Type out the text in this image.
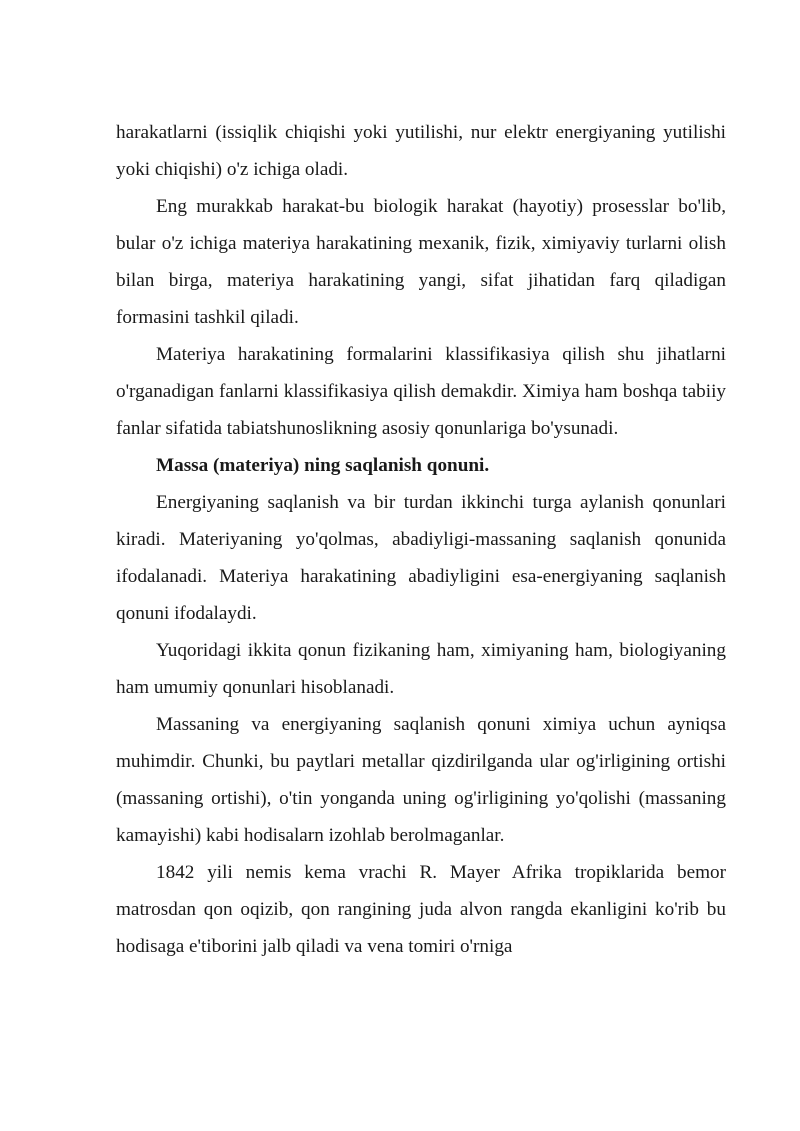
harakatlarni (issiqlik chiqishi yoki yutilishi, nur elektr energiyaning yutilishi yoki chiqishi) o'z ichiga oladi.

Eng murakkab harakat-bu biologik harakat (hayotiy) prosesslar bo'lib, bular o'z ichiga materiya harakatining mexanik, fizik, ximiyaviy turlarni olish bilan birga, materiya harakatining yangi, sifat jihatidan farq qiladigan formasini tashkil qiladi.

Materiya harakatining formalarini klassifikasiya qilish shu jihatlarni o'rganadigan fanlarni klassifikasiya qilish demakdir. Ximiya ham boshqa tabiiy fanlar sifatida tabiatshunoslikning asosiy qonunlariga bo'ysunadi.

Massa (materiya) ning saqlanish qonuni.

Energiyaning saqlanish va bir turdan ikkinchi turga aylanish qonunlari kiradi. Materiyaning yo'qolmas, abadiyligi-massaning saqlanish qonunida ifodalanadi. Materiya harakatining abadiyligini esa-energiyaning saqlanish qonuni ifodalaydi.

Yuqoridagi ikkita qonun fizikaning ham, ximiyaning ham, biologiyaning ham umumiy qonunlari hisoblanadi.

Massaning va energiyaning saqlanish qonuni ximiya uchun ayniqsa muhimdir. Chunki, bu paytlari metallar qizdirilganda ular og'irligining ortishi (massaning ortishi), o'tin yonganda uning og'irligining yo'qolishi (massaning kamayishi) kabi hodisalarn izohlab berolmaganlar.

1842 yili nemis kema vrachi R. Mayer Afrika tropiklarida bemor matrosdan qon oqizib, qon rangining juda alvon rangda ekanligini ko'rib bu hodisaga e'tiborini jalb qiladi va vena tomiri o'rniga
